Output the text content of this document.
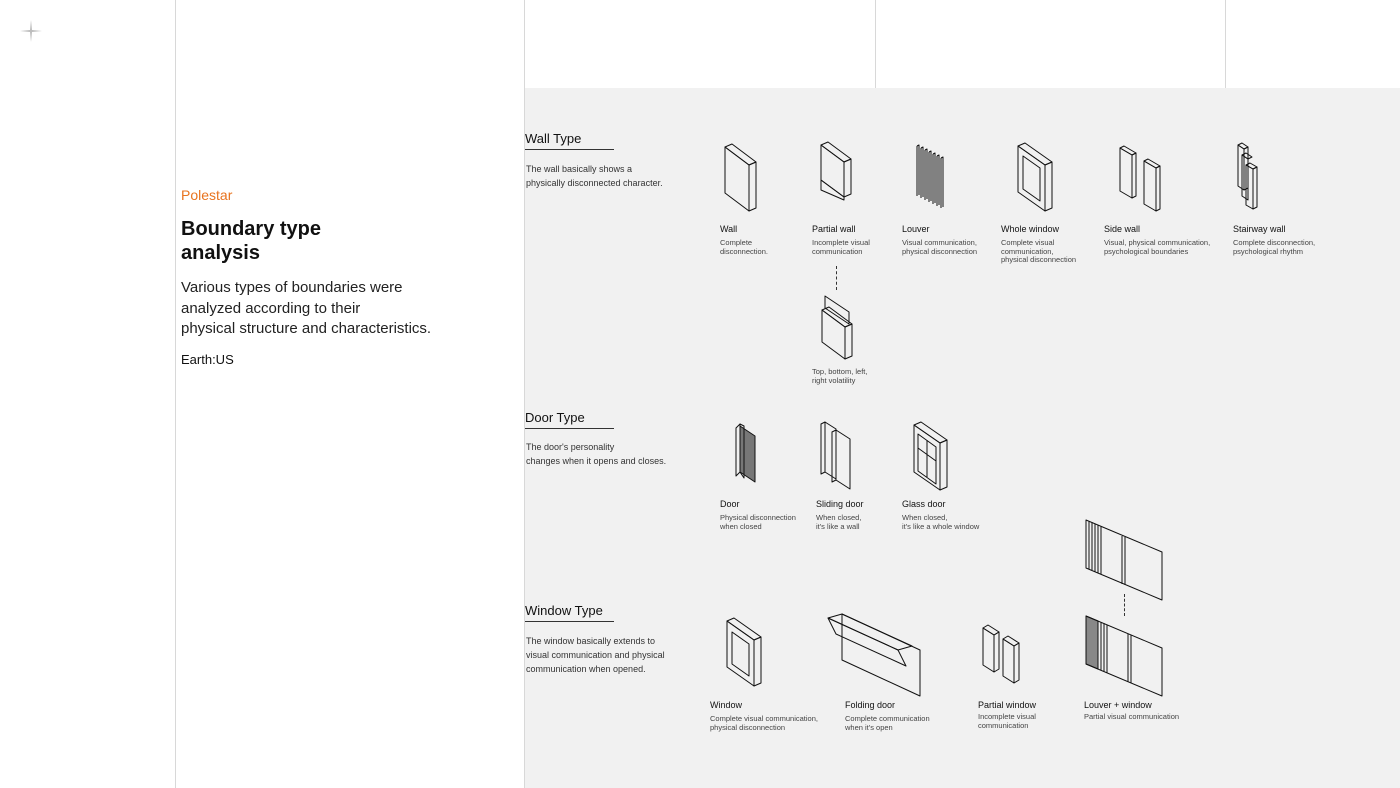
Polestar
Boundary type
analysis
Various types of boundaries were
analyzed according to their
physical structure and characteristics.
Earth:US
Wall Type
The wall basically shows a
physically disconnected character.
Wall
Complete
disconnection.
Partial wall
Incomplete visual
communication
Louver
Visual communication,
physical disconnection
Whole window
Complete visual
communication,
physical disconnection
Side wall
Visual, physical communication,
psychological boundaries
Stairway wall
Complete disconnection,
psychological rhythm
Top, bottom, left,
right volatility
Door Type
The door's personality
changes when it opens and closes.
Door
Physical disconnection
when closed
Sliding door
When closed,
it's like a wall
Glass door
When closed,
it's like a whole window
Window Type
The window basically extends to
visual communication and physical
communication when opened.
Window
Complete visual communication,
physical disconnection
Folding door
Complete communication
when it's open
Partial window
Incomplete visual
communication
Louver + window
Partial visual communication
